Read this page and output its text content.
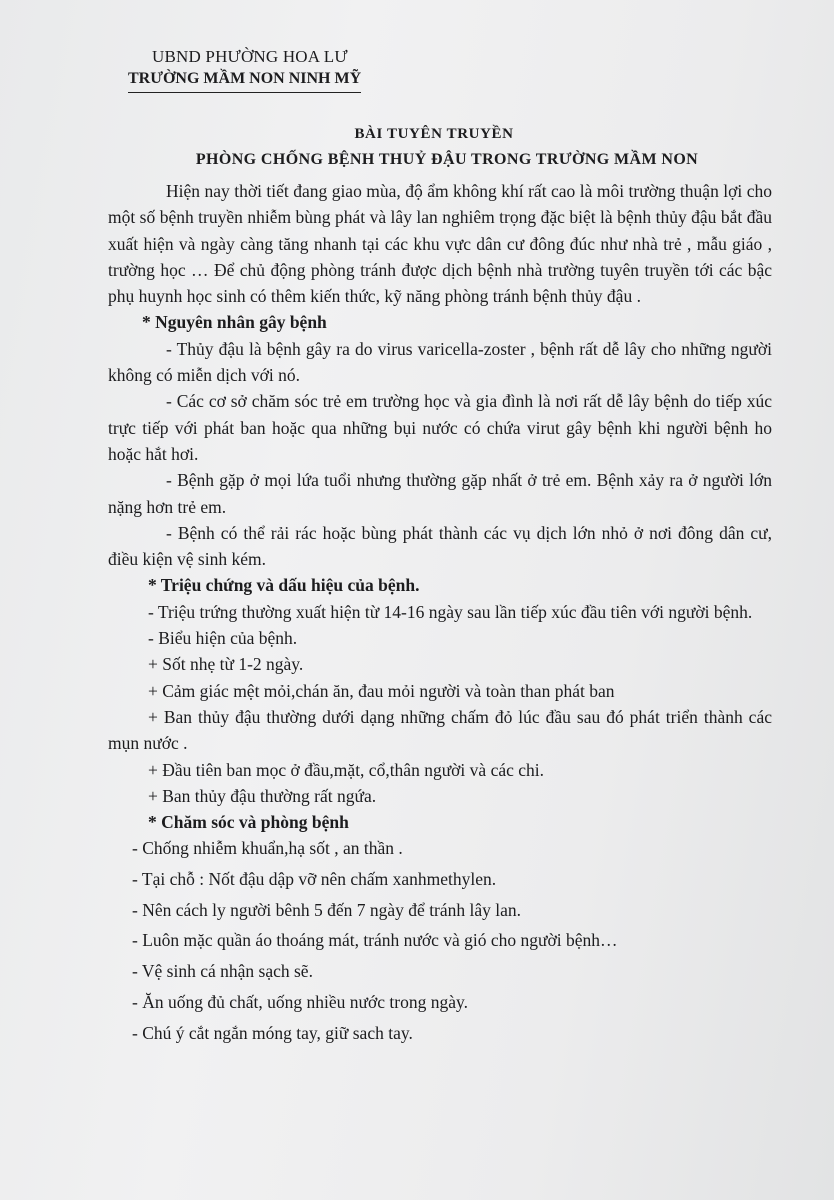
UBND PHƯỜNG HOA LƯ

TRƯỜNG MẦM NON NINH MỸ

BÀI TUYÊN TRUYỀN

PHÒNG CHỐNG BỆNH THUỶ ĐẬU TRONG TRƯỜNG MẦM NON

Hiện nay thời tiết đang giao mùa, độ ẩm không khí rất cao là môi trường thuận lợi cho một số bệnh truyền nhiễm bùng phát và lây lan nghiêm trọng đặc biệt là bệnh thủy đậu bắt đầu xuất hiện và ngày càng tăng nhanh tại các khu vực dân cư đông đúc như nhà trẻ , mẫu giáo , trường học … Để chủ động phòng tránh được dịch bệnh nhà trường tuyên truyền tới các bậc phụ huynh học sinh có thêm kiến thức, kỹ năng phòng tránh bệnh thủy đậu .

* Nguyên nhân gây bệnh

- Thủy đậu là bệnh gây ra do virus varicella-zoster , bệnh rất dễ lây cho những người không có miễn dịch với nó.

- Các cơ sở chăm sóc trẻ em trường học và gia đình là nơi rất dễ lây bệnh do tiếp xúc trực tiếp với phát ban hoặc qua những bụi nước có chứa virut gây bệnh khi người bệnh ho hoặc hắt hơi.

- Bệnh gặp ở mọi lứa tuổi nhưng thường gặp nhất ở trẻ em. Bệnh xảy ra ở người lớn nặng hơn trẻ em.

- Bệnh có thể rải rác hoặc bùng phát thành các vụ dịch lớn nhỏ ở nơi đông dân cư, điều kiện vệ sinh kém.

* Triệu chứng và dấu hiệu của bệnh.

- Triệu trứng thường xuất hiện từ 14-16 ngày sau lần tiếp xúc đầu tiên với người bệnh.

- Biểu hiện của bệnh.

+ Sốt nhẹ từ 1-2 ngày.

+ Cảm giác mệt mỏi,chán ăn, đau mỏi người và toàn than phát ban

+ Ban thủy đậu thường dưới dạng những chấm đỏ lúc đầu sau đó phát triển thành các mụn nước .

+ Đầu tiên ban mọc ở đầu,mặt, cổ,thân người và các chi.

+ Ban thủy đậu thường rất ngứa.

* Chăm sóc và phòng bệnh

- Chống nhiễm khuẩn,hạ sốt , an thần .

- Tại chỗ : Nốt đậu dập vỡ nên chấm xanhmethylen.

- Nên cách ly người bênh 5 đến 7 ngày để tránh lây lan.

- Luôn mặc quần áo thoáng mát, tránh nước và gió cho người bệnh…

- Vệ sinh cá nhận sạch sẽ.

- Ăn uống đủ chất, uống nhiều nước trong ngày.

- Chú ý cắt ngắn móng tay, giữ sach tay.
